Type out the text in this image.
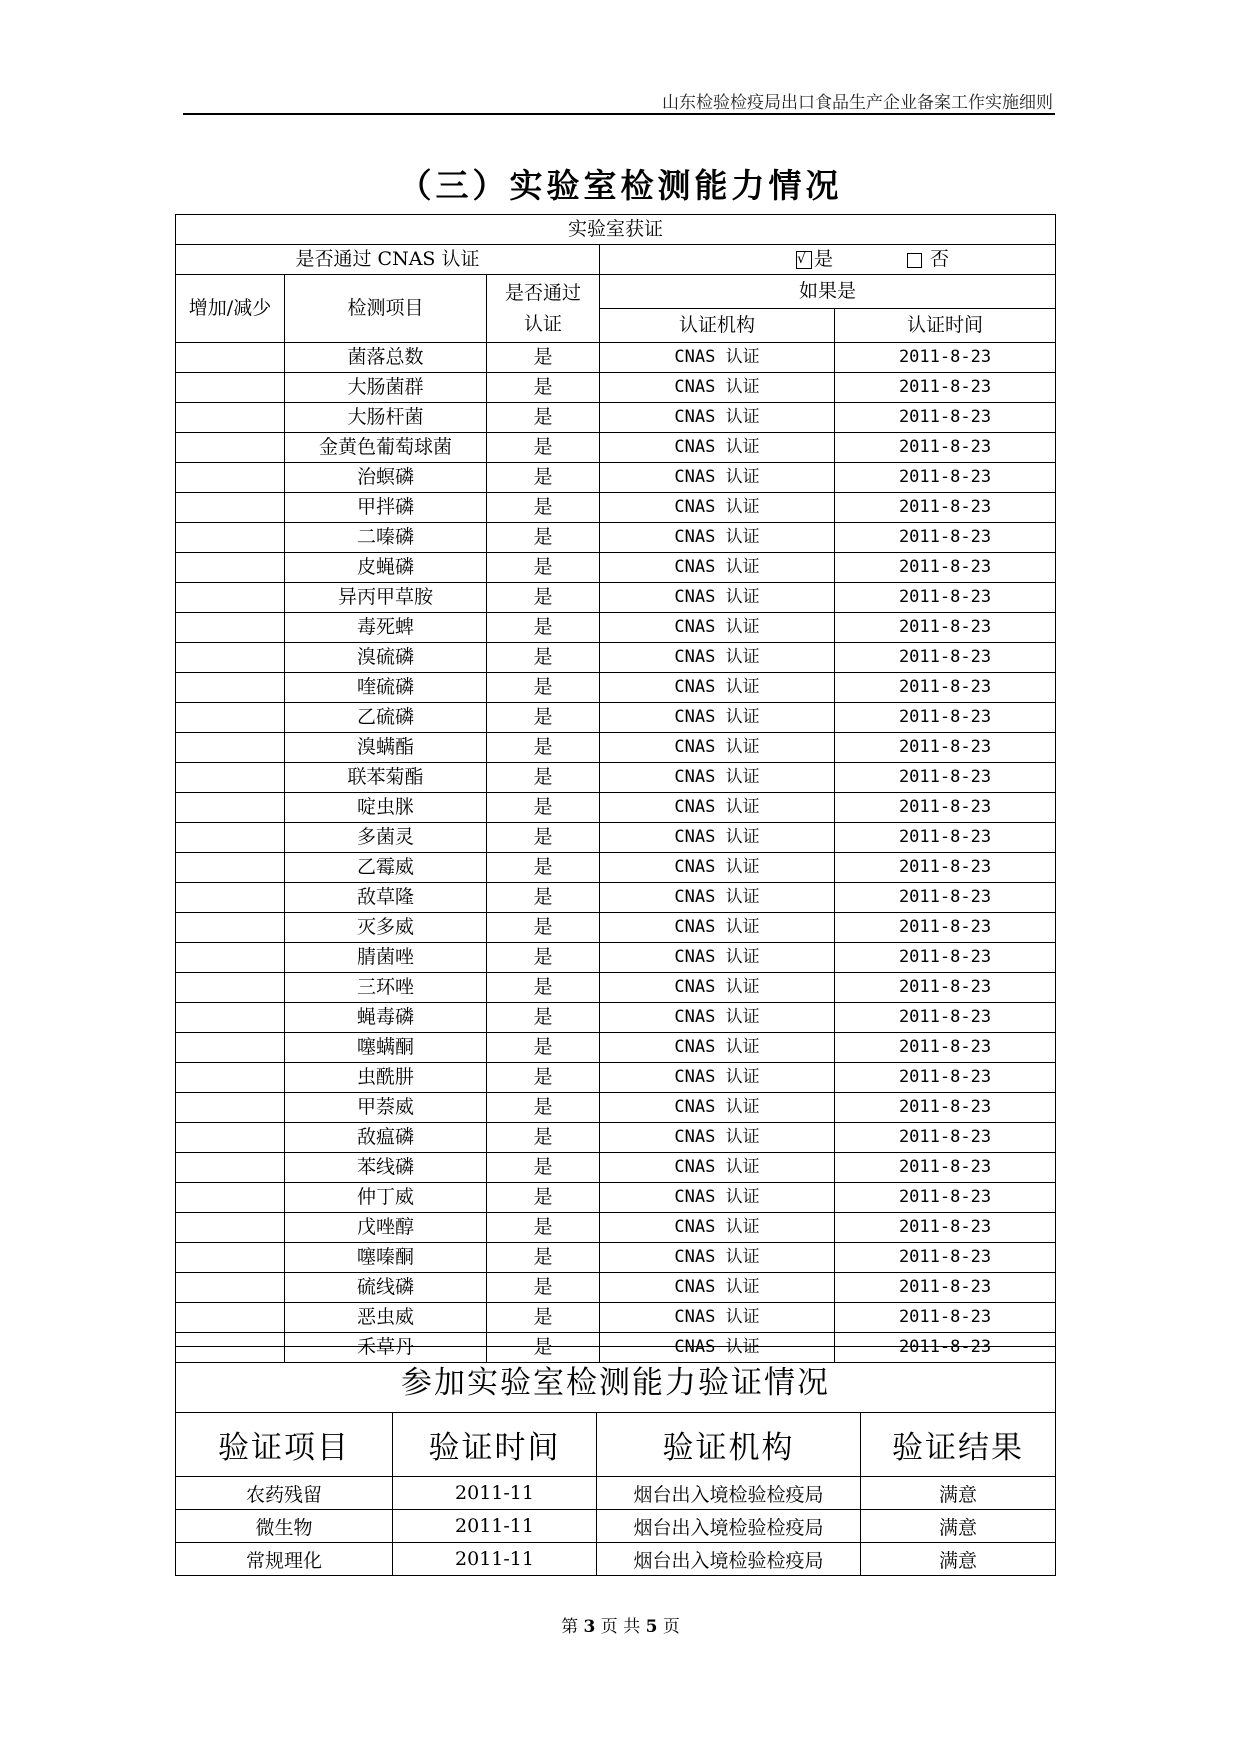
山东检验检疫局出口食品生产企业备案工作实施细则
（三）实验室检测能力情况
实验室获证				
是否通过 CNAS 认证			√ 是 否	
增加/减少	检测项目	是否通过认证	如果是	
			认证机构	认证时间
	菌落总数	是	CNAS 认证	2011-8-23
	大肠菌群	是	CNAS 认证	2011-8-23
	大肠杆菌	是	CNAS 认证	2011-8-23
	金黄色葡萄球菌	是	CNAS 认证	2011-8-23
	治螟磷	是	CNAS 认证	2011-8-23
	甲拌磷	是	CNAS 认证	2011-8-23
	二嗪磷	是	CNAS 认证	2011-8-23
	皮蝇磷	是	CNAS 认证	2011-8-23
	异丙甲草胺	是	CNAS 认证	2011-8-23
	毒死蜱	是	CNAS 认证	2011-8-23
	溴硫磷	是	CNAS 认证	2011-8-23
	喹硫磷	是	CNAS 认证	2011-8-23
	乙硫磷	是	CNAS 认证	2011-8-23
	溴螨酯	是	CNAS 认证	2011-8-23
	联苯菊酯	是	CNAS 认证	2011-8-23
	啶虫脒	是	CNAS 认证	2011-8-23
	多菌灵	是	CNAS 认证	2011-8-23
	乙霉威	是	CNAS 认证	2011-8-23
	敌草隆	是	CNAS 认证	2011-8-23
	灭多威	是	CNAS 认证	2011-8-23
	腈菌唑	是	CNAS 认证	2011-8-23
	三环唑	是	CNAS 认证	2011-8-23
	蝇毒磷	是	CNAS 认证	2011-8-23
	噻螨酮	是	CNAS 认证	2011-8-23
	虫酰肼	是	CNAS 认证	2011-8-23
	甲萘威	是	CNAS 认证	2011-8-23
	敌瘟磷	是	CNAS 认证	2011-8-23
	苯线磷	是	CNAS 认证	2011-8-23
	仲丁威	是	CNAS 认证	2011-8-23
	戊唑醇	是	CNAS 认证	2011-8-23
	噻嗪酮	是	CNAS 认证	2011-8-23
	硫线磷	是	CNAS 认证	2011-8-23
	恶虫威	是	CNAS 认证	2011-8-23
	禾草丹	是	CNAS 认证	2011-8-23
参加实验室检测能力验证情况			
验证项目	验证时间	验证机构	验证结果
农药残留	2011-11	烟台出入境检验检疫局	满意
微生物	2011-11	烟台出入境检验检疫局	满意
常规理化	2011-11	烟台出入境检验检疫局	满意
第 3 页 共 5 页
